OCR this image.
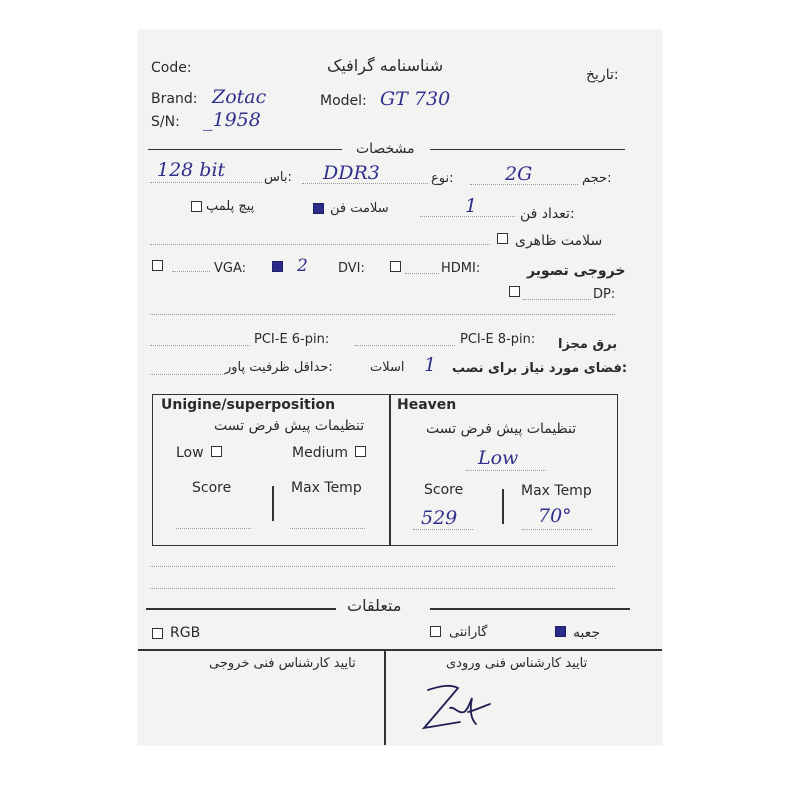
Code:	شناسنامه گرافیک	تاریخ:
Brand: Zotac	Model: GT 730
S/N: _1958
مشخصات
128 bit	باس: DDR3	نوع:	2G	حجم:
پیچ پلمپ	سلامت فن	1	تعداد فن:
سلامت ظاهری
VGA:	2 DVI:	HDMI:	خروجی تصویر
DP:
PCI-E 6-pin:	PCI-E 8-pin: برق مجزا
حداقل ظرفیت پاور:	اسلات 1 فضای مورد نیاز برای نصب:
Unigine/superposition
تنظیمات پیش فرض تست
Low	Medium
Score	Max Temp
Heaven
تنظیمات پیش فرض تست
Low
Score
529
Max Temp
70°
متعلقات
RGB	گارانتی	جعبه
تایید کارشناس فنی خروجی	تایید کارشناس فنی ورودی
